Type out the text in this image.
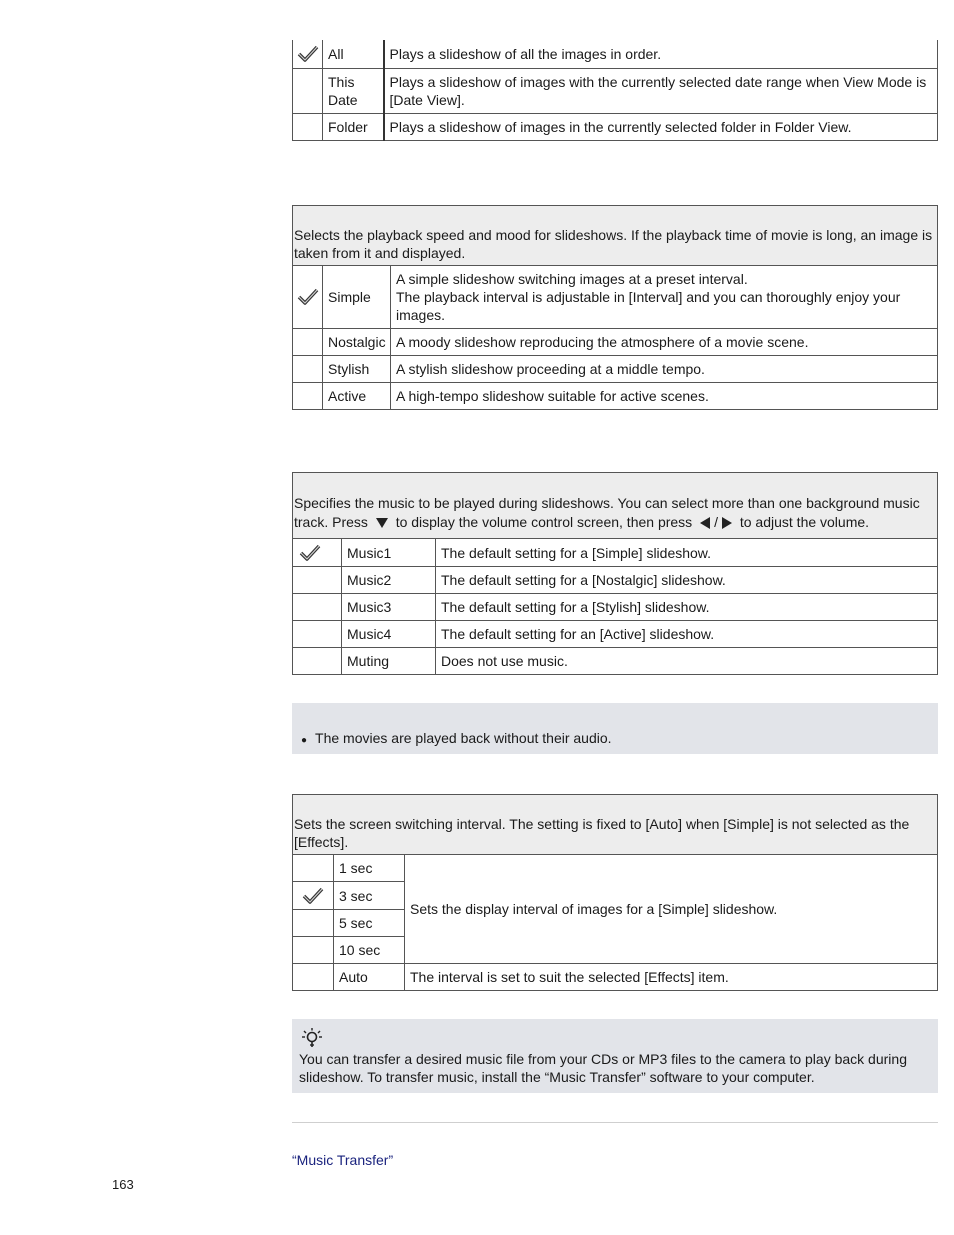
	All	Plays a slideshow of all the images in order.
	This Date	Plays a slideshow of images with the currently selected date range when View Mode is [Date View].
	Folder	Plays a slideshow of images in the currently selected folder in Folder View.
Selects the playback speed and mood for slideshows. If the playback time of movie is long, an image is taken from it and displayed.
	Simple	A simple slideshow switching images at a preset interval.
The playback interval is adjustable in [Interval] and you can thoroughly enjoy your images.

	Nostalgic	A moody slideshow reproducing the atmosphere of a movie scene.
	Stylish	A stylish slideshow proceeding at a middle tempo.
	Active	A high-tempo slideshow suitable for active scenes.
Specifies the music to be played during slideshows. You can select more than one background music track. Press to display the volume control screen, then press / to adjust the volume.
	Music1	The default setting for a [Simple] slideshow.
	Music2	The default setting for a [Nostalgic] slideshow.
	Music3	The default setting for a [Stylish] slideshow.
	Music4	The default setting for an [Active] slideshow.
	Muting	Does not use music.
● The movies are played back without their audio.
Sets the screen switching interval. The setting is fixed to [Auto] when [Simple] is not selected as the [Effects].
	1 sec	Sets the display interval of images for a [Simple] slideshow.

	3 sec	
	5 sec	
	10 sec	
	Auto	The interval is set to suit the selected [Effects] item.
You can transfer a desired music file from your CDs or MP3 files to the camera to play back during slideshow. To transfer music, install the “Music Transfer” software to your computer.
“Music Transfer”
163
